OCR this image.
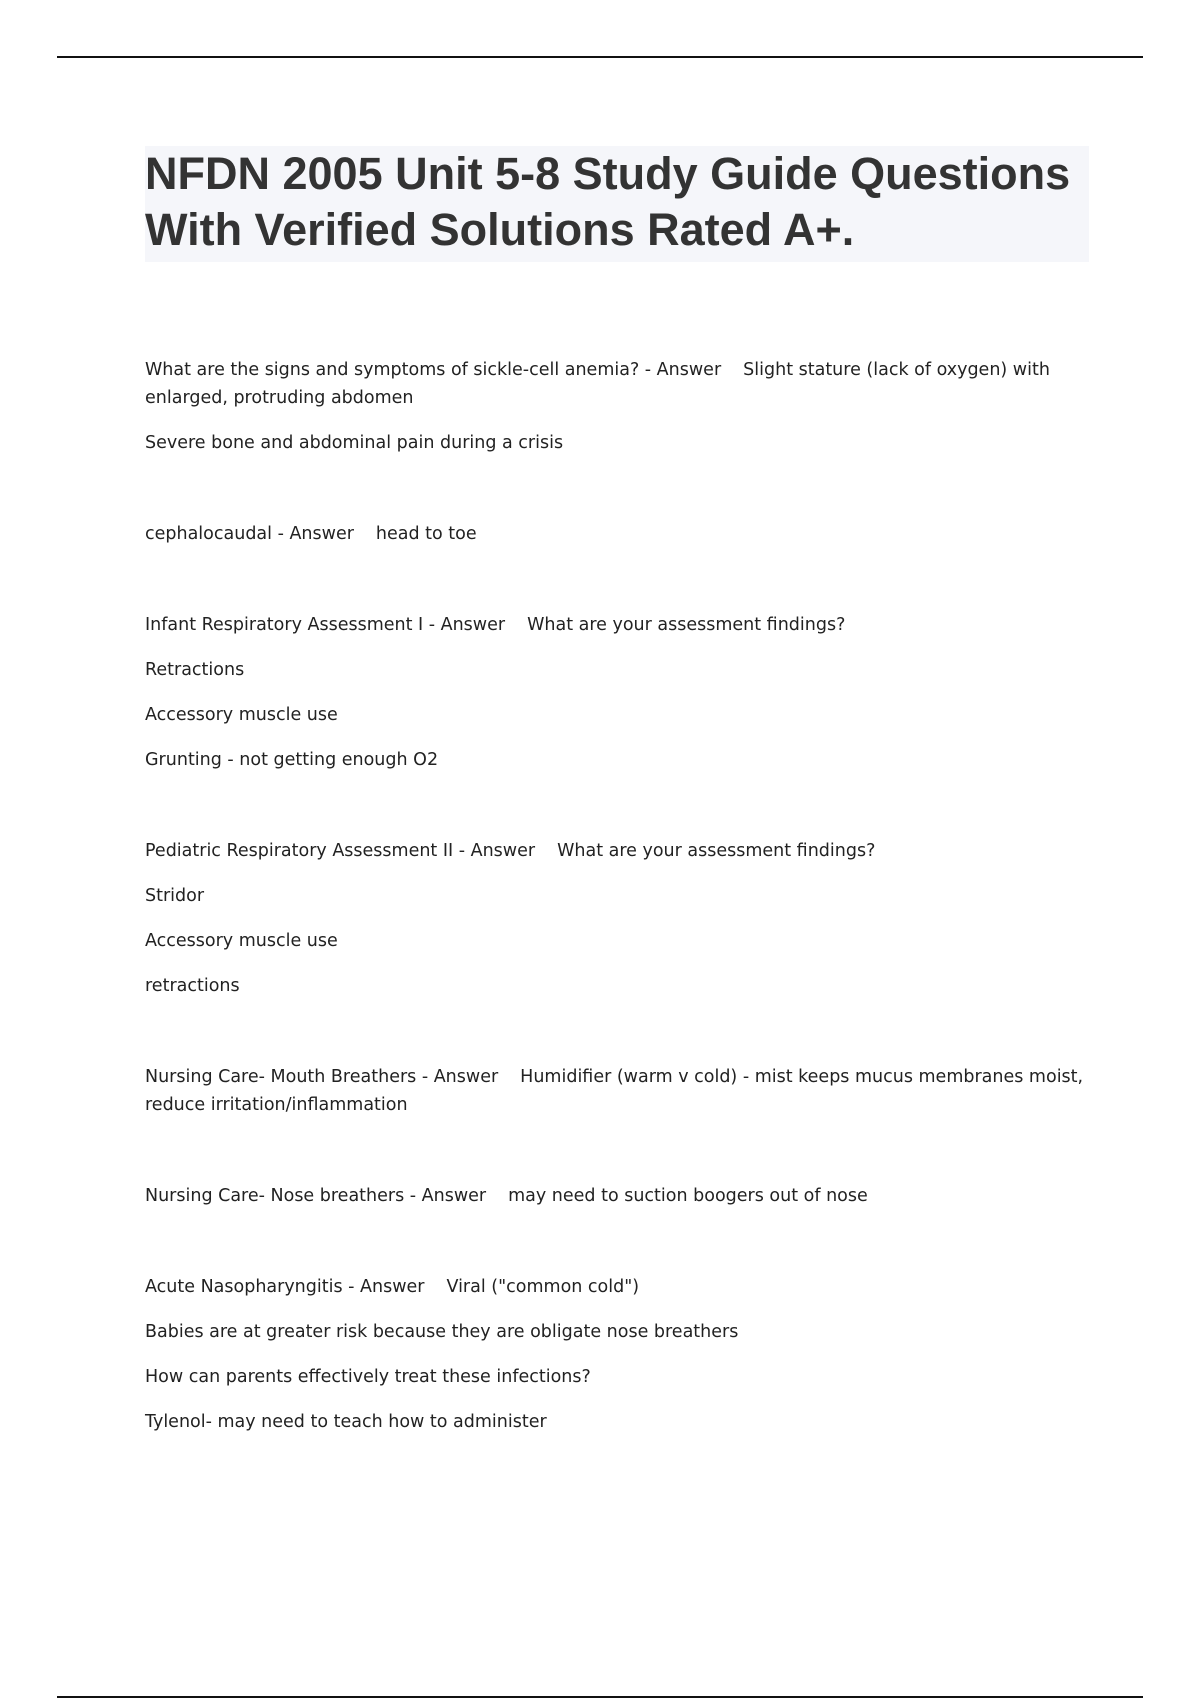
NFDN 2005 Unit 5-8 Study Guide Questions With Verified Solutions Rated A+.

What are the signs and symptoms of sickle-cell anemia? - Answer Slight stature (lack of oxygen) with enlarged, protruding abdomen

Severe bone and abdominal pain during a crisis

cephalocaudal - Answer head to toe

Infant Respiratory Assessment I - Answer What are your assessment findings?

Retractions

Accessory muscle use

Grunting - not getting enough O2

Pediatric Respiratory Assessment II - Answer What are your assessment findings?

Stridor

Accessory muscle use

retractions

Nursing Care- Mouth Breathers - Answer Humidifier (warm v cold) - mist keeps mucus membranes moist, reduce irritation/inflammation

Nursing Care- Nose breathers - Answer may need to suction boogers out of nose

Acute Nasopharyngitis - Answer Viral ("common cold")

Babies are at greater risk because they are obligate nose breathers

How can parents effectively treat these infections?

Tylenol- may need to teach how to administer
